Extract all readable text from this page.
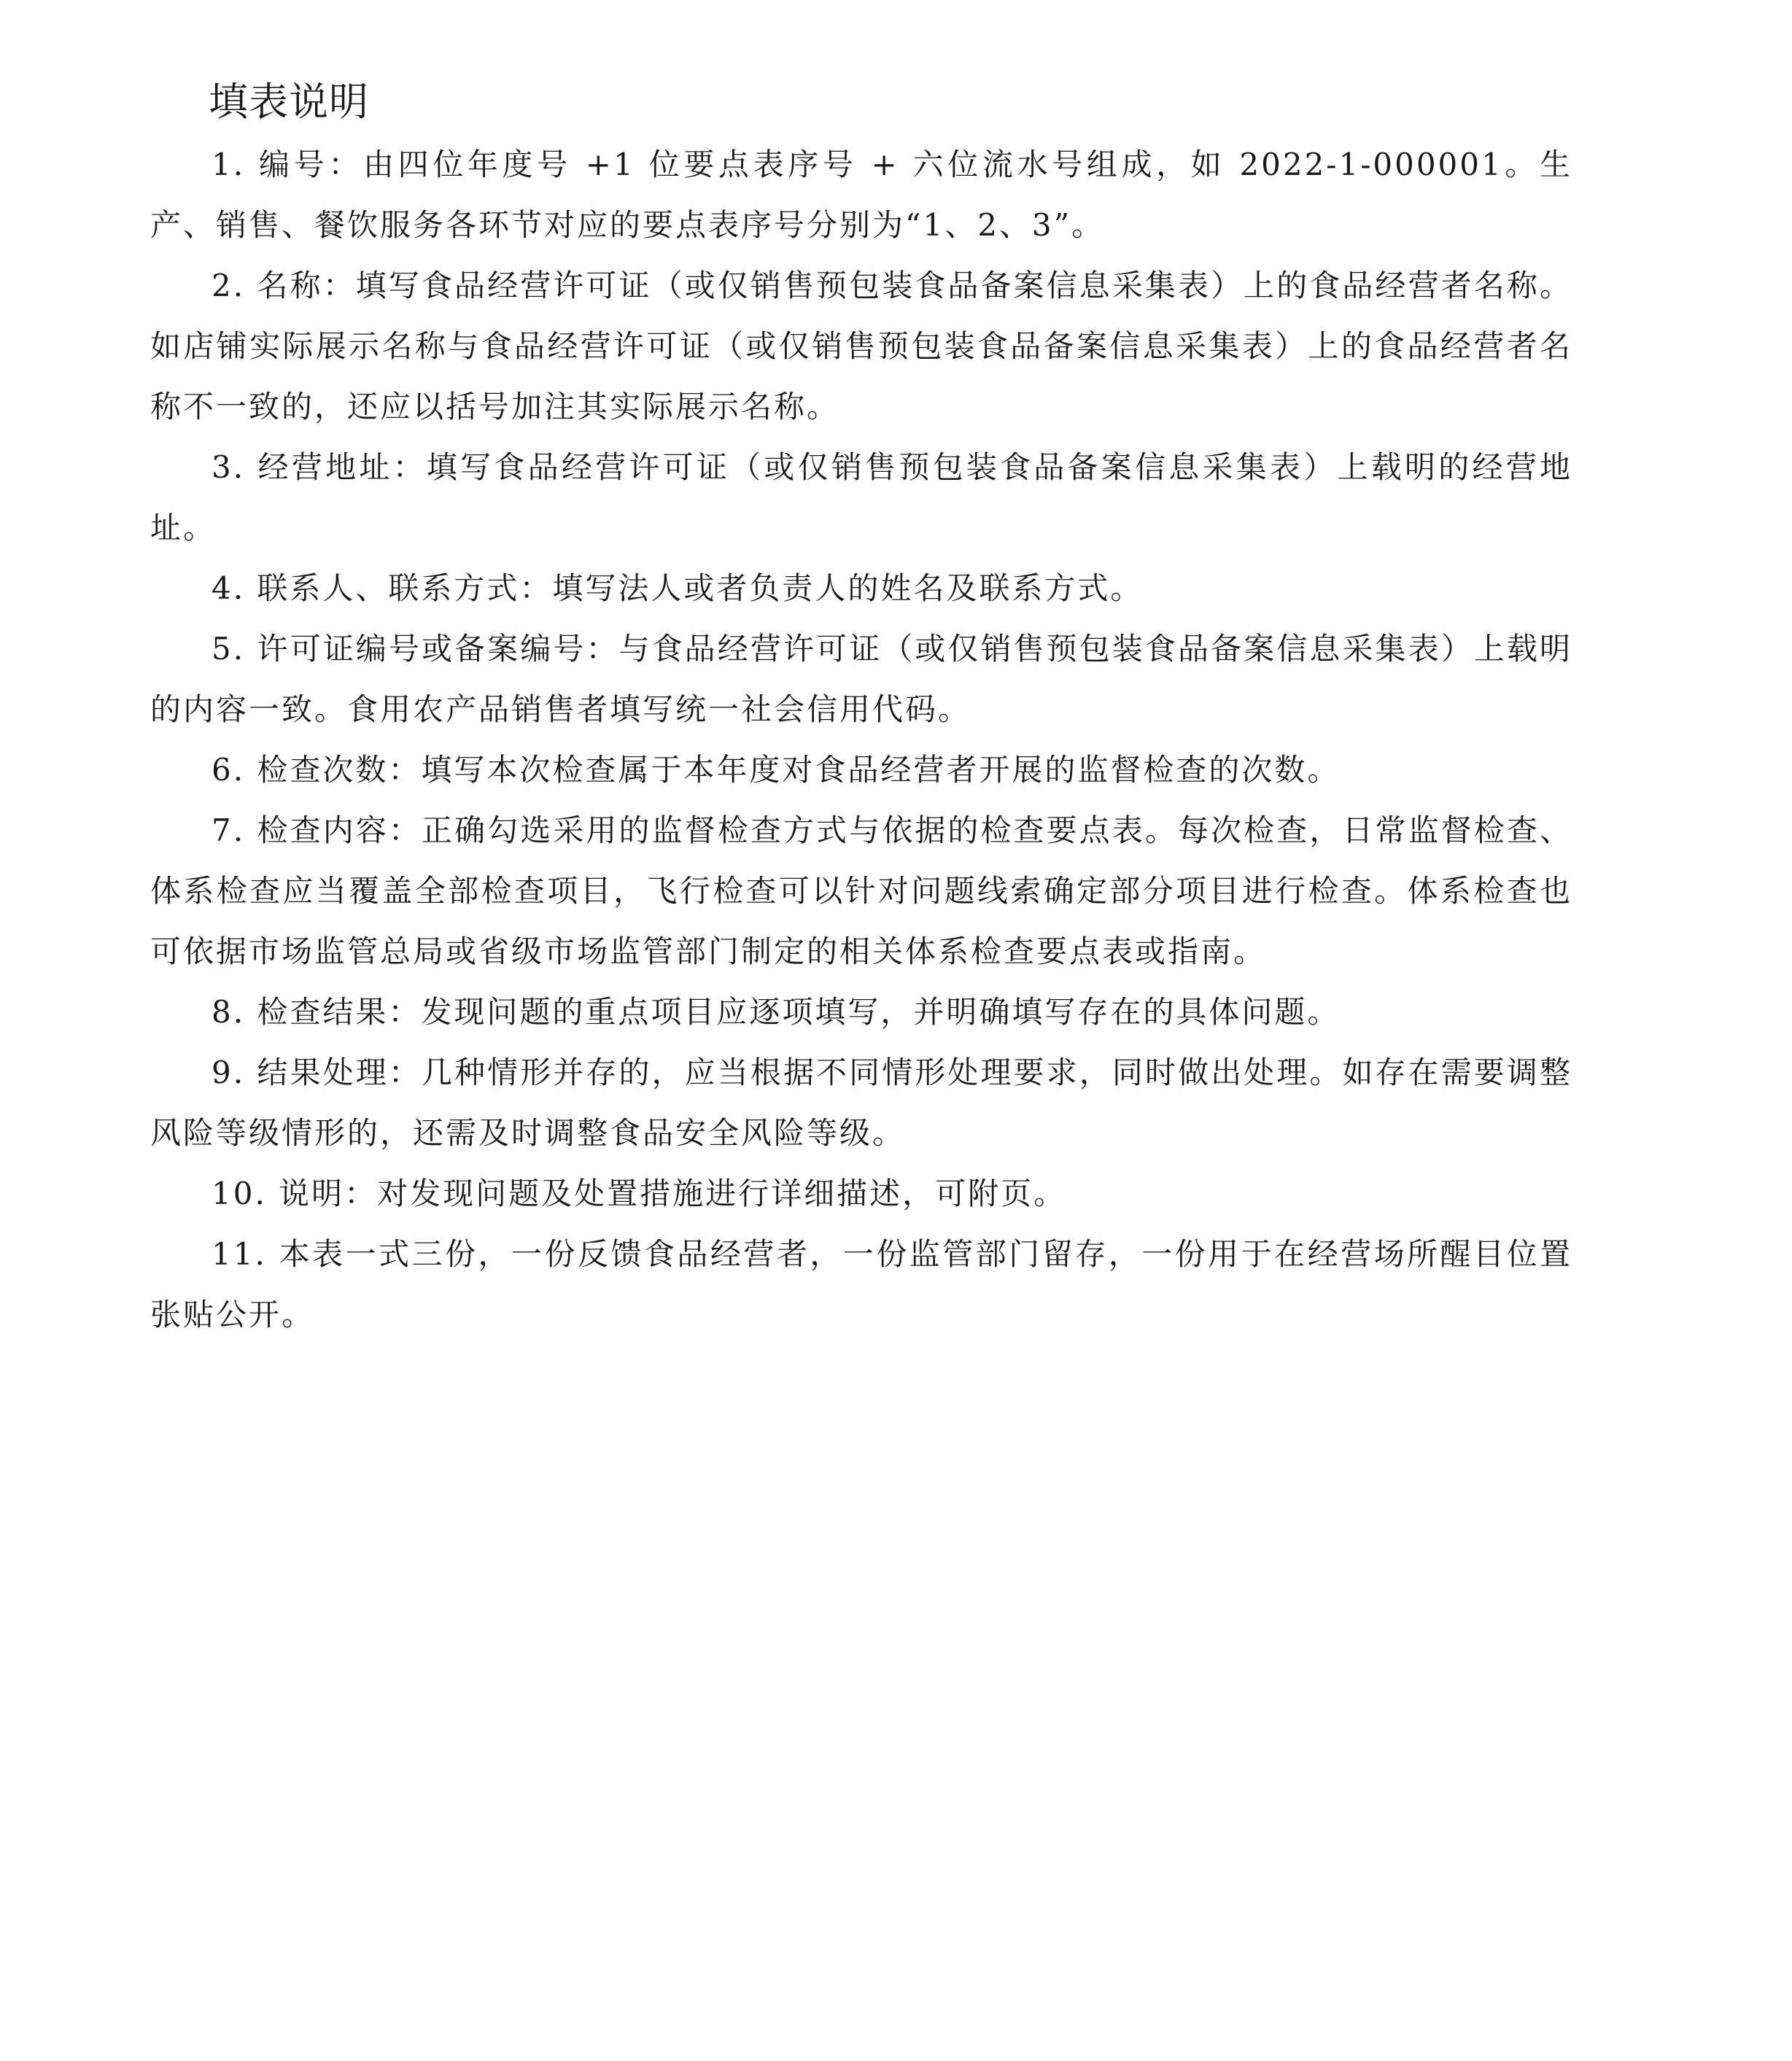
填表说明

1. 编号：由四位年度号 +1 位要点表序号 + 六位流水号组成，如 2022-1-000001。生产、销售、餐饮服务各环节对应的要点表序号分别为“1、2、3”。

2. 名称：填写食品经营许可证（或仅销售预包装食品备案信息采集表）上的食品经营者名称。如店铺实际展示名称与食品经营许可证（或仅销售预包装食品备案信息采集表）上的食品经营者名称不一致的，还应以括号加注其实际展示名称。

3. 经营地址：填写食品经营许可证（或仅销售预包装食品备案信息采集表）上载明的经营地址。

4. 联系人、联系方式：填写法人或者负责人的姓名及联系方式。

5. 许可证编号或备案编号：与食品经营许可证（或仅销售预包装食品备案信息采集表）上载明的内容一致。食用农产品销售者填写统一社会信用代码。

6. 检查次数：填写本次检查属于本年度对食品经营者开展的监督检查的次数。

7. 检查内容：正确勾选采用的监督检查方式与依据的检查要点表。每次检查，日常监督检查、体系检查应当覆盖全部检查项目，飞行检查可以针对问题线索确定部分项目进行检查。体系检查也可依据市场监管总局或省级市场监管部门制定的相关体系检查要点表或指南。

8. 检查结果：发现问题的重点项目应逐项填写，并明确填写存在的具体问题。

9. 结果处理：几种情形并存的，应当根据不同情形处理要求，同时做出处理。如存在需要调整风险等级情形的，还需及时调整食品安全风险等级。

10. 说明：对发现问题及处置措施进行详细描述，可附页。

11. 本表一式三份，一份反馈食品经营者，一份监管部门留存，一份用于在经营场所醒目位置张贴公开。
